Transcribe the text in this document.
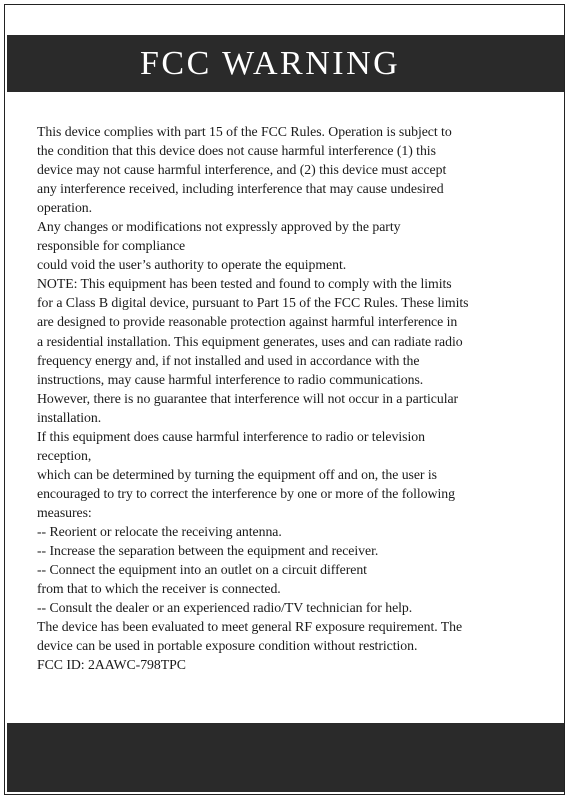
FCC WARNING
This device complies with part 15 of the FCC Rules. Operation is subject to
the condition that this device does not cause harmful interference (1) this
device may not cause harmful interference, and (2) this device must accept
any interference received, including interference that may cause undesired
operation.
Any changes or modifications not expressly approved by the party
responsible for compliance
could void the user’s authority to operate the equipment.
NOTE: This equipment has been tested and found to comply with the limits
for a Class B digital device, pursuant to Part 15 of the FCC Rules. These limits
are designed to provide reasonable protection against harmful interference in
a residential installation. This equipment generates, uses and can radiate radio
frequency energy and, if not installed and used in accordance with the
instructions, may cause harmful interference to radio communications.
However, there is no guarantee that interference will not occur in a particular
installation.
If this equipment does cause harmful interference to radio or television
reception,
which can be determined by turning the equipment off and on, the user is
encouraged to try to correct the interference by one or more of the following
measures:
-- Reorient or relocate the receiving antenna.
-- Increase the separation between the equipment and receiver.
-- Connect the equipment into an outlet on a circuit different
from that to which the receiver is connected.
-- Consult the dealer or an experienced radio/TV technician for help.
The device has been evaluated to meet general RF exposure requirement. The
device can be used in portable exposure condition without restriction.
FCC ID: 2AAWC-798TPC
